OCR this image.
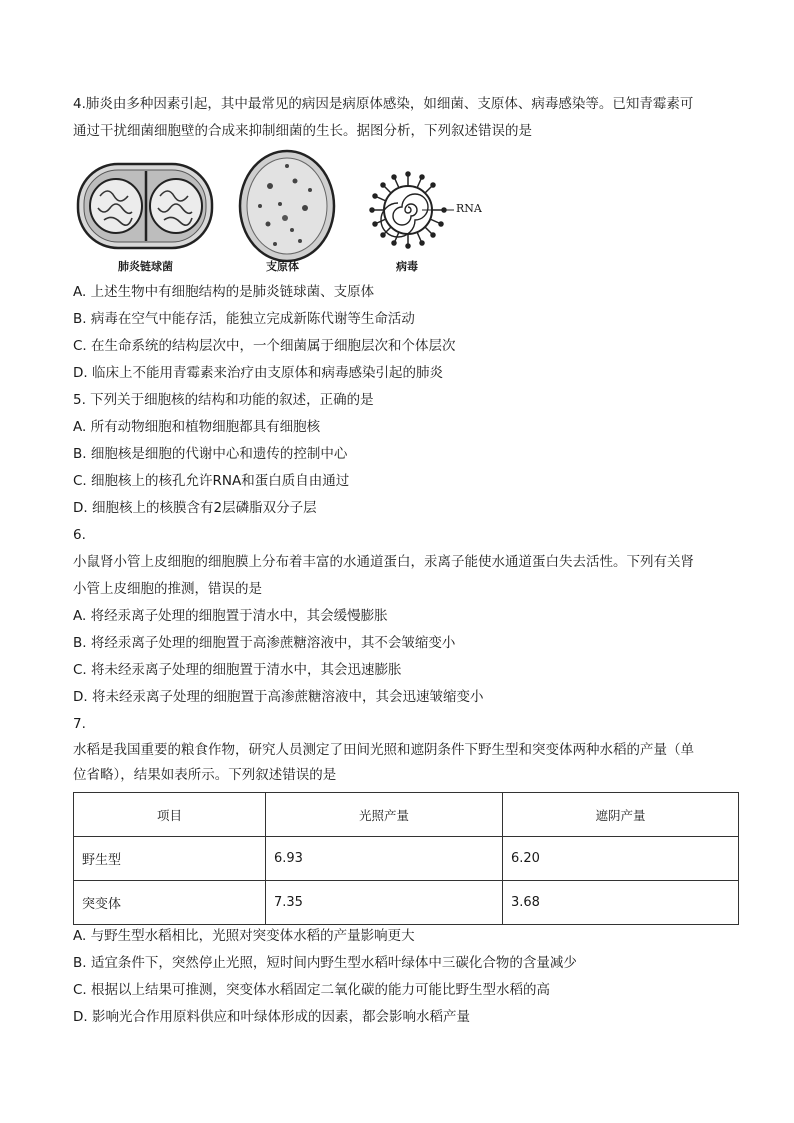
4.肺炎由多种因素引起，其中最常见的病因是病原体感染，如细菌、支原体、病毒感染等。已知青霉素可
通过干扰细菌细胞壁的合成来抑制细菌的生长。据图分析，下列叙述错误的是
肺炎链球菌	支原体	病毒
RNA
A. 上述生物中有细胞结构的是肺炎链球菌、支原体
B. 病毒在空气中能存活，能独立完成新陈代谢等生命活动
C. 在生命系统的结构层次中，一个细菌属于细胞层次和个体层次
D. 临床上不能用青霉素来治疗由支原体和病毒感染引起的肺炎
5. 下列关于细胞核的结构和功能的叙述，正确的是
A. 所有动物细胞和植物细胞都具有细胞核
B. 细胞核是细胞的代谢中心和遗传的控制中心
C. 细胞核上的核孔允许RNA和蛋白质自由通过
D. 细胞核上的核膜含有2层磷脂双分子层
6.
小鼠肾小管上皮细胞的细胞膜上分布着丰富的水通道蛋白，汞离子能使水通道蛋白失去活性。下列有关肾
小管上皮细胞的推测，错误的是
A. 将经汞离子处理的细胞置于清水中，其会缓慢膨胀
B. 将经汞离子处理的细胞置于高渗蔗糖溶液中，其不会皱缩变小
C. 将未经汞离子处理的细胞置于清水中，其会迅速膨胀
D. 将未经汞离子处理的细胞置于高渗蔗糖溶液中，其会迅速皱缩变小
7.
水稻是我国重要的粮食作物，研究人员测定了田间光照和遮阴条件下野生型和突变体两种水稻的产量（单
位省略），结果如表所示。下列叙述错误的是
项目	光照产量	遮阴产量
野生型	6.93	6.20
突变体	7.35	3.68
A. 与野生型水稻相比，光照对突变体水稻的产量影响更大
B. 适宜条件下，突然停止光照，短时间内野生型水稻叶绿体中三碳化合物的含量减少
C. 根据以上结果可推测，突变体水稻固定二氧化碳的能力可能比野生型水稻的高
D. 影响光合作用原料供应和叶绿体形成的因素，都会影响水稻产量
